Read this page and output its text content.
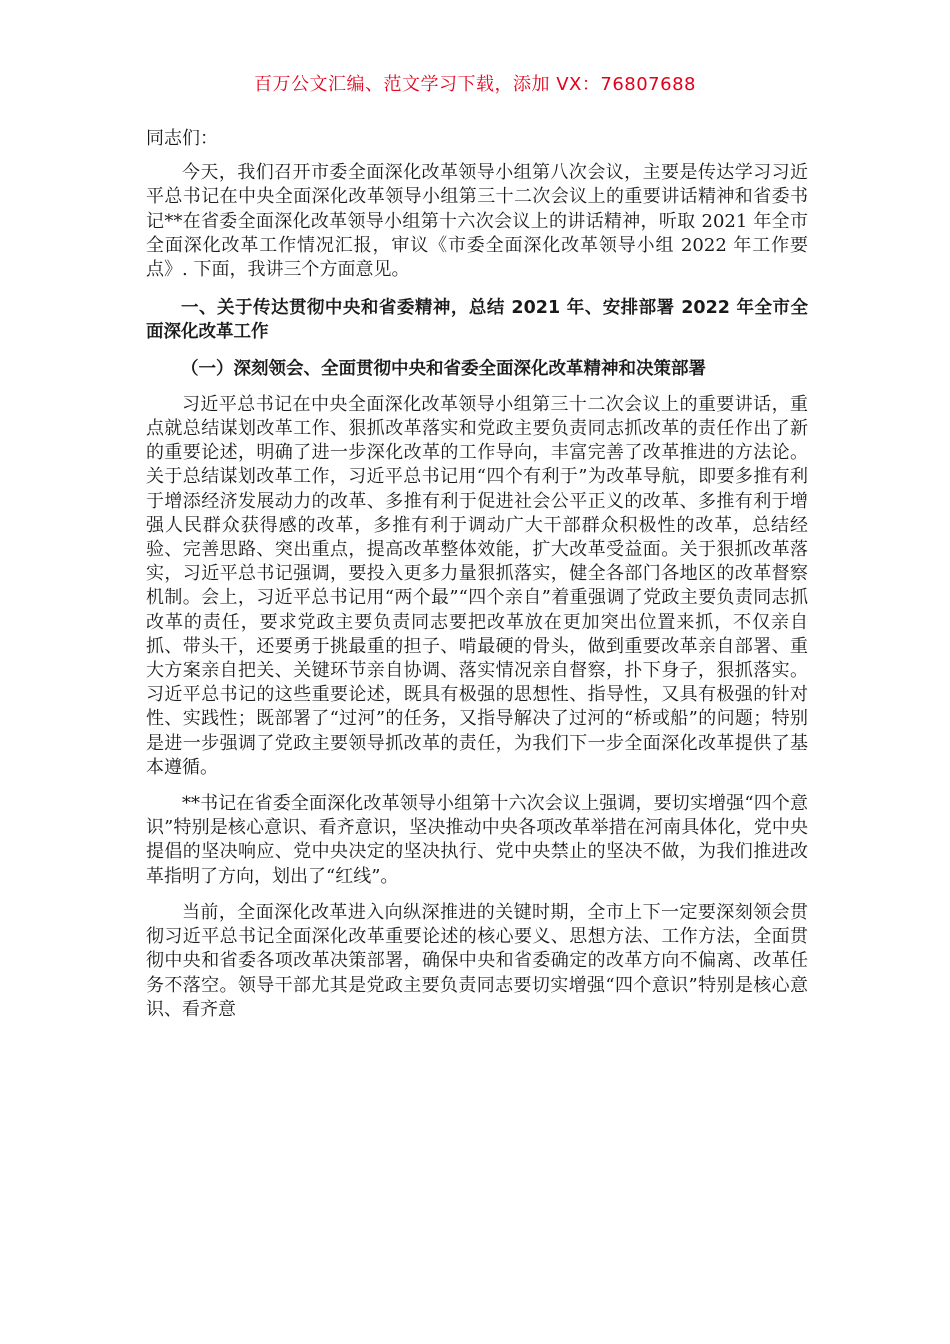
百万公文汇编、范文学习下载，添加 VX：76807688

同志们：

今天，我们召开市委全面深化改革领导小组第八次会议，主要是传达学习习近平总书记在中央全面深化改革领导小组第三十二次会议上的重要讲话精神和省委书记**在省委全面深化改革领导小组第十六次会议上的讲话精神，听取 2021 年全市全面深化改革工作情况汇报，审议《市委全面深化改革领导小组 2022 年工作要点》. 下面，我讲三个方面意见。

一、关于传达贯彻中央和省委精神，总结 2021 年、安排部署 2022 年全市全面深化改革工作

（一）深刻领会、全面贯彻中央和省委全面深化改革精神和决策部署

习近平总书记在中央全面深化改革领导小组第三十二次会议上的重要讲话，重点就总结谋划改革工作、狠抓改革落实和党政主要负责同志抓改革的责任作出了新的重要论述，明确了进一步深化改革的工作导向，丰富完善了改革推进的方法论。关于总结谋划改革工作，习近平总书记用“四个有利于”为改革导航，即要多推有利于增添经济发展动力的改革、多推有利于促进社会公平正义的改革、多推有利于增强人民群众获得感的改革，多推有利于调动广大干部群众积极性的改革，总结经验、完善思路、突出重点，提高改革整体效能，扩大改革受益面。关于狠抓改革落实，习近平总书记强调，要投入更多力量狠抓落实，健全各部门各地区的改革督察机制。会上，习近平总书记用“两个最”“四个亲自”着重强调了党政主要负责同志抓改革的责任，要求党政主要负责同志要把改革放在更加突出位置来抓，不仅亲自抓、带头干，还要勇于挑最重的担子、啃最硬的骨头，做到重要改革亲自部署、重大方案亲自把关、关键环节亲自协调、落实情况亲自督察，扑下身子，狠抓落实。习近平总书记的这些重要论述，既具有极强的思想性、指导性，又具有极强的针对性、实践性；既部署了“过河”的任务，又指导解决了过河的“桥或船”的问题；特别是进一步强调了党政主要领导抓改革的责任，为我们下一步全面深化改革提供了基本遵循。

**书记在省委全面深化改革领导小组第十六次会议上强调，要切实增强“四个意识”特别是核心意识、看齐意识，坚决推动中央各项改革举措在河南具体化，党中央提倡的坚决响应、党中央决定的坚决执行、党中央禁止的坚决不做，为我们推进改革指明了方向，划出了“红线”。

当前，全面深化改革进入向纵深推进的关键时期，全市上下一定要深刻领会贯彻习近平总书记全面深化改革重要论述的核心要义、思想方法、工作方法，全面贯彻中央和省委各项改革决策部署，确保中央和省委确定的改革方向不偏离、改革任务不落空。领导干部尤其是党政主要负责同志要切实增强“四个意识”特别是核心意识、看齐意
